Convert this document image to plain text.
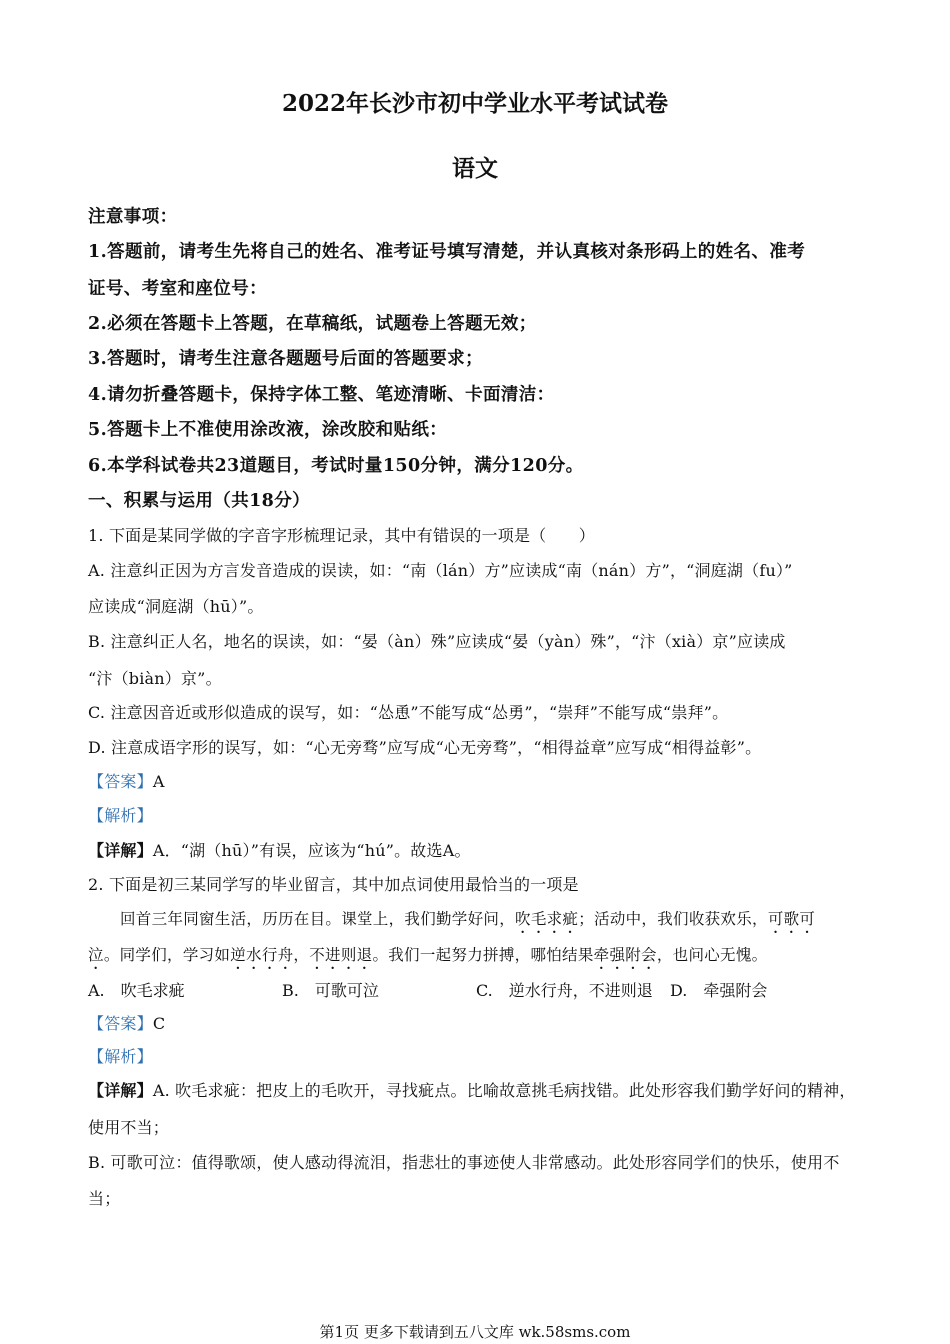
2022年长沙市初中学业水平考试试卷
语文
注意事项：
1.答题前，请考生先将自己的姓名、准考证号填写清楚，并认真核对条形码上的姓名、准考
证号、考室和座位号：
2.必须在答题卡上答题，在草稿纸，试题卷上答题无效；
3.答题时，请考生注意各题题号后面的答题要求；
4.请勿折叠答题卡，保持字体工整、笔迹清晰、卡面清洁：
5.答题卡上不准使用涂改液，涂改胶和贴纸：
6.本学科试卷共23道题目，考试时量150分钟，满分120分。
一、积累与运用（共18分）
1. 下面是某同学做的字音字形梳理记录，其中有错误的一项是（　　）
A. 注意纠正因为方言发音造成的误读，如：“南（lán）方”应读成“南（nán）方”，“洞庭湖（fu）”
应读成“洞庭湖（hū）”。
B. 注意纠正人名，地名的误读，如：“晏（àn）殊”应读成“晏（yàn）殊”，“汴（xià）京”应读成
“汴（biàn）京”。
C. 注意因音近或形似造成的误写，如：“怂恿”不能写成“怂勇”，“崇拜”不能写成“祟拜”。
D. 注意成语字形的误写，如：“心无旁骛”应写成“心无旁骛”，“相得益章”应写成“相得益彰”。
【答案】A
【解析】
【详解】A．“湖（hū）”有误，应该为“hú”。故选A。
2. 下面是初三某同学写的毕业留言，其中加点词使用最恰当的一项是
回首三年同窗生活，历历在目。课堂上，我们勤学好问，吹毛求疵；活动中，我们收获欢乐，可歌可
泣。同学们，学习如逆水行舟，不进则退。我们一起努力拼搏，哪怕结果牵强附会，也问心无愧。
A.　吹毛求疵	B.　可歌可泣	C.　逆水行舟，不进则退 D.　牵强附会
【答案】C
【解析】
【详解】A. 吹毛求疵：把皮上的毛吹开，寻找疵点。比喻故意挑毛病找错。此处形容我们勤学好问的精神，
使用不当；
B. 可歌可泣：值得歌颂，使人感动得流泪，指悲壮的事迹使人非常感动。此处形容同学们的快乐，使用不
当；
第1页 更多下载请到五八文库 wk.58sms.com
